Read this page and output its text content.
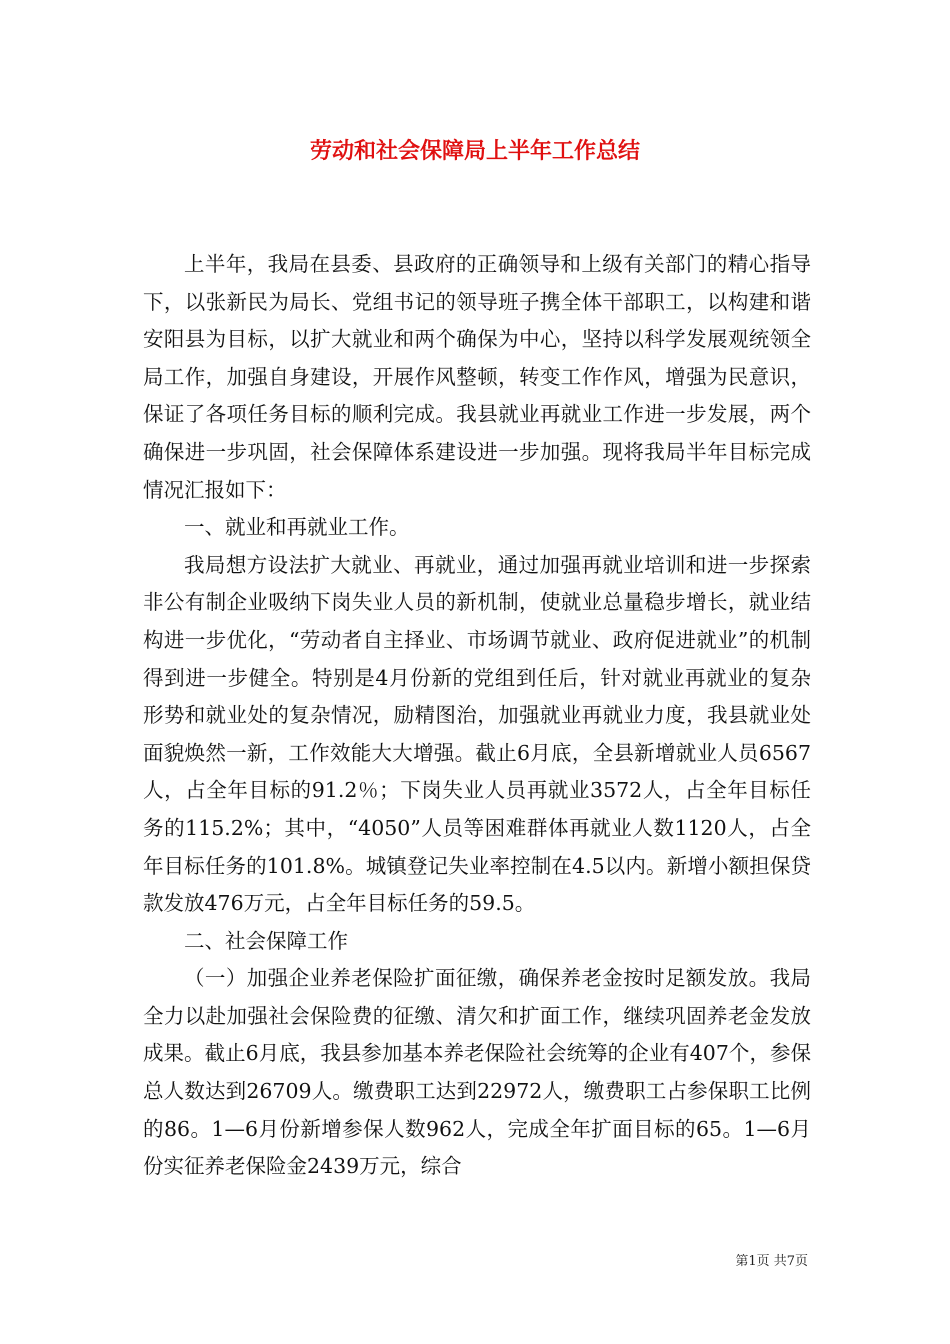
劳动和社会保障局上半年工作总结

上半年，我局在县委、县政府的正确领导和上级有关部门的精心指导下，以张新民为局长、党组书记的领导班子携全体干部职工，以构建和谐安阳县为目标，以扩大就业和两个确保为中心，坚持以科学发展观统领全局工作，加强自身建设，开展作风整顿，转变工作作风，增强为民意识，保证了各项任务目标的顺利完成。我县就业再就业工作进一步发展，两个确保进一步巩固，社会保障体系建设进一步加强。现将我局半年目标完成情况汇报如下：

一、就业和再就业工作。

我局想方设法扩大就业、再就业，通过加强再就业培训和进一步探索非公有制企业吸纳下岗失业人员的新机制，使就业总量稳步增长，就业结构进一步优化，“劳动者自主择业、市场调节就业、政府促进就业”的机制得到进一步健全。特别是4月份新的党组到任后，针对就业再就业的复杂形势和就业处的复杂情况，励精图治，加强就业再就业力度，我县就业处面貌焕然一新，工作效能大大增强。截止6月底，全县新增就业人员6567人，占全年目标的91.2％；下岗失业人员再就业3572人，占全年目标任务的115.2%；其中，“4050”人员等困难群体再就业人数1120人，占全年目标任务的101.8%。城镇登记失业率控制在4.5以内。新增小额担保贷款发放476万元，占全年目标任务的59.5。

二、社会保障工作

（一）加强企业养老保险扩面征缴，确保养老金按时足额发放。我局全力以赴加强社会保险费的征缴、清欠和扩面工作，继续巩固养老金发放成果。截止6月底，我县参加基本养老保险社会统筹的企业有407个，参保总人数达到26709人。缴费职工达到22972人，缴费职工占参保职工比例的86。1—6月份新增参保人数962人，完成全年扩面目标的65。1—6月份实征养老保险金2439万元，综合

第1页 共7页
